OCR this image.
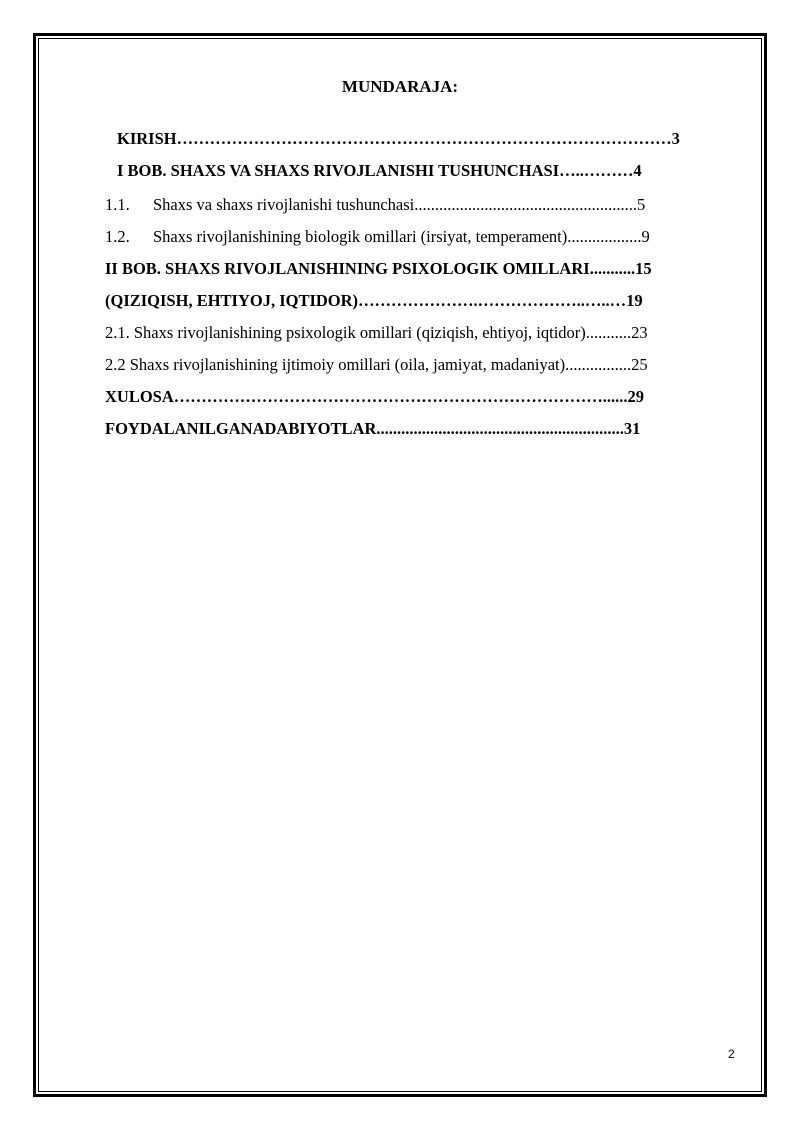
MUNDARAJA:
KIRISH………………………………………………………………………………3
I BOB. SHAXS VA SHAXS RIVOJLANISHI TUSHUNCHASI…..………4
1.1. Shaxs va shaxs rivojlanishi tushunchasi......................................................5
1.2. Shaxs rivojlanishining biologik omillari (irsiyat, temperament)..................9
II BOB. SHAXS RIVOJLANISHINING PSIXOLOGIK OMILLARI...........15
(QIZIQISH, EHTIYOJ, IQTIDOR)………………….………………..…..…19
2.1. Shaxs rivojlanishining psixologik omillari (qiziqish, ehtiyoj, iqtidor)...........23
2.2 Shaxs rivojlanishining ijtimoiy omillari (oila, jamiyat, madaniyat)................25
XULOSA……………………………………………………………………......29
FOYDALANILGANADABIYOTLAR............................................................31
2
